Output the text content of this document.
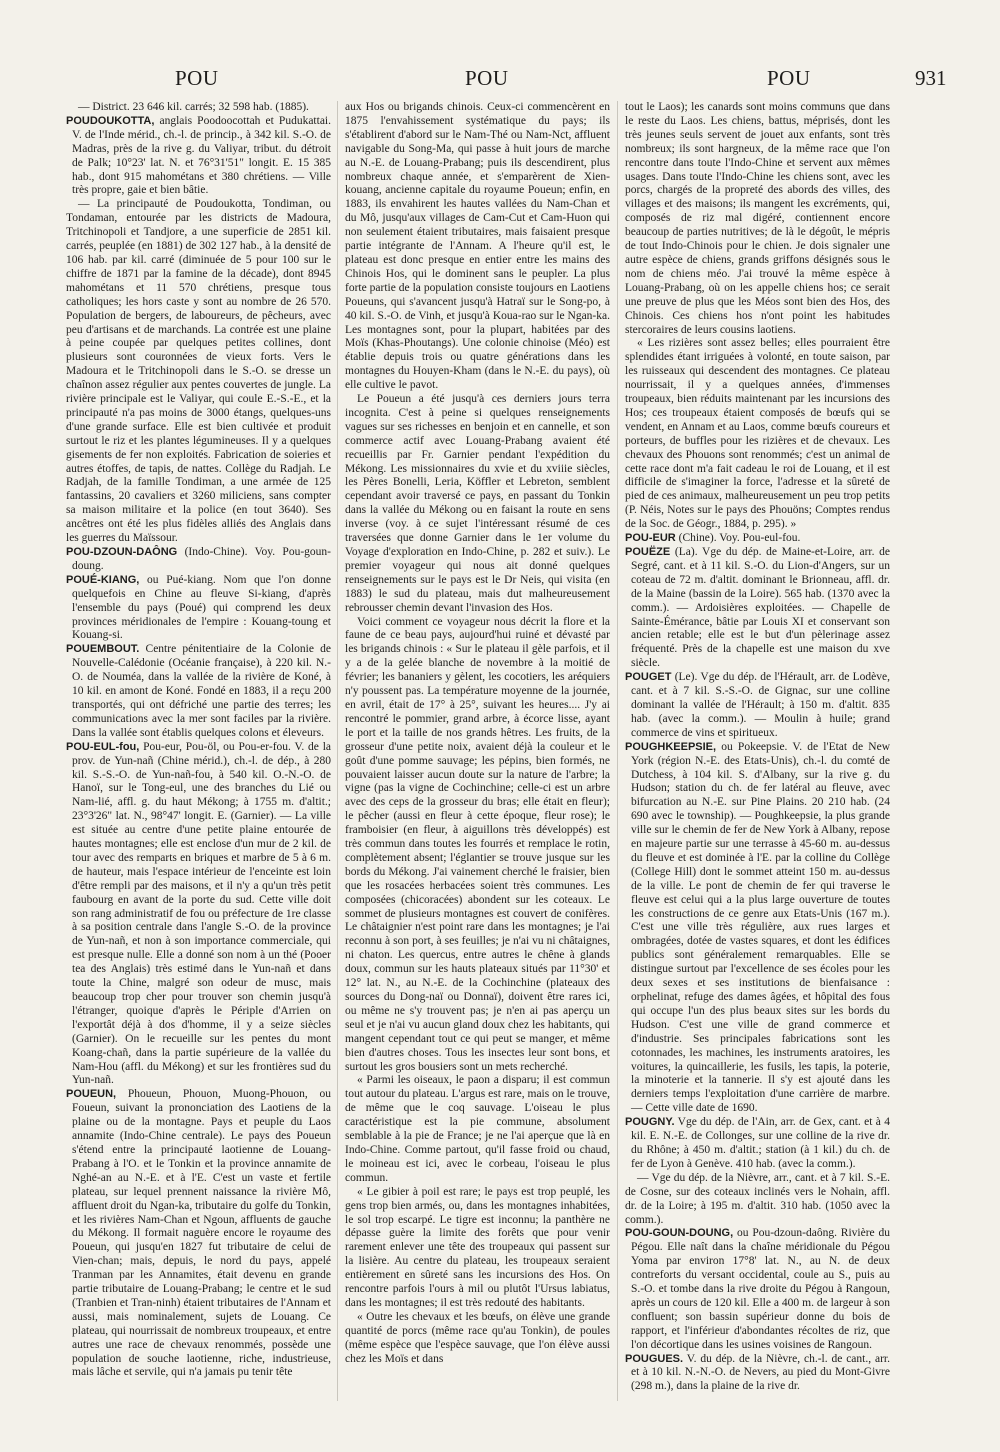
POU	POU	POU	931

— District. 23 646 kil. carrés; 32 598 hab. (1885).

POUDOUKOTTA, anglais Poodoocottah et Pudukattai. V. de l'Inde mérid., ch.-l. de princip., à 342 kil. S.-O. de Madras, près de la rive g. du Valiyar, tribut. du détroit de Palk; 10°23' lat. N. et 76°31'51" longit. E. 15 385 hab., dont 915 mahométans et 380 chrétiens. — Ville très propre, gaie et bien bâtie.

— La principauté de Poudoukotta, Tondiman, ou Tondaman, entourée par les districts de Madoura, Tritchinopoli et Tandjore, a une superficie de 2851 kil. carrés, peuplée (en 1881) de 302 127 hab., à la densité de 106 hab. par kil. carré (diminuée de 5 pour 100 sur le chiffre de 1871 par la famine de la décade), dont 8945 mahométans et 11 570 chrétiens, presque tous catholiques; les hors caste y sont au nombre de 26 570. Population de bergers, de laboureurs, de pêcheurs, avec peu d'artisans et de marchands. La contrée est une plaine à peine coupée par quelques petites collines, dont plusieurs sont couronnées de vieux forts. Vers le Madoura et le Tritchinopoli dans le S.-O. se dresse un chaînon assez régulier aux pentes couvertes de jungle. La rivière principale est le Valiyar, qui coule E.-S.-E., et la principauté n'a pas moins de 3000 étangs, quelques-uns d'une grande surface. Elle est bien cultivée et produit surtout le riz et les plantes légumineuses. Il y a quelques gisements de fer non exploités. Fabrication de soieries et autres étoffes, de tapis, de nattes. Collège du Radjah. Le Radjah, de la famille Tondiman, a une armée de 125 fantassins, 20 cavaliers et 3260 miliciens, sans compter sa maison militaire et la police (en tout 3640). Ses ancêtres ont été les plus fidèles alliés des Anglais dans les guerres du Maïssour.

POU-DZOUN-DAÔNG (Indo-Chine). Voy. Pou-goun-doung.

POUÉ-KIANG, ou Pué-kiang. Nom que l'on donne quelquefois en Chine au fleuve Si-kiang, d'après l'ensemble du pays (Poué) qui comprend les deux provinces méridionales de l'empire : Kouang-toung et Kouang-si.

POUEMBOUT. Centre pénitentiaire de la Colonie de Nouvelle-Calédonie (Océanie française), à 220 kil. N.-O. de Nouméa, dans la vallée de la rivière de Koné, à 10 kil. en amont de Koné. Fondé en 1883, il a reçu 200 transportés, qui ont défriché une partie des terres; les communications avec la mer sont faciles par la rivière. Dans la vallée sont établis quelques colons et éleveurs.

POU-EUL-fou, Pou-eur, Pou-öl, ou Pou-er-fou. V. de la prov. de Yun-nañ (Chine mérid.), ch.-l. de dép., à 280 kil. S.-S.-O. de Yun-nañ-fou, à 540 kil. O.-N.-O. de Hanoï, sur le Tong-eul, une des branches du Lié ou Nam-lié, affl. g. du haut Mékong; à 1755 m. d'altit.; 23°3'26" lat. N., 98°47' longit. E. (Garnier). — La ville est située au centre d'une petite plaine entourée de hautes montagnes; elle est enclose d'un mur de 2 kil. de tour avec des remparts en briques et marbre de 5 à 6 m. de hauteur, mais l'espace intérieur de l'enceinte est loin d'être rempli par des maisons, et il n'y a qu'un très petit faubourg en avant de la porte du sud. Cette ville doit son rang administratif de fou ou préfecture de 1re classe à sa position centrale dans l'angle S.-O. de la province de Yun-nañ, et non à son importance commerciale, qui est presque nulle. Elle a donné son nom à un thé (Pooer tea des Anglais) très estimé dans le Yun-nañ et dans toute la Chine, malgré son odeur de musc, mais beaucoup trop cher pour trouver son chemin jusqu'à l'étranger, quoique d'après le Périple d'Arrien on l'exportât déjà à dos d'homme, il y a seize siècles (Garnier). On le recueille sur les pentes du mont Koang-chañ, dans la partie supérieure de la vallée du Nam-Hou (affl. du Mékong) et sur les frontières sud du Yun-nañ.

POUEUN, Phoueun, Phouon, Muong-Phouon, ou Foueun, suivant la prononciation des Laotiens de la plaine ou de la montagne. Pays et peuple du Laos annamite (Indo-Chine centrale). Le pays des Poueun s'étend entre la principauté laotienne de Louang-Prabang à l'O. et le Tonkin et la province annamite de Nghé-an au N.-E. et à l'E. C'est un vaste et fertile plateau, sur lequel prennent naissance la rivière Mô, affluent droit du Ngan-ka, tributaire du golfe du Tonkin, et les rivières Nam-Chan et Ngoun, affluents de gauche du Mékong. Il formait naguère encore le royaume des Poueun, qui jusqu'en 1827 fut tributaire de celui de Vien-chan; mais, depuis, le nord du pays, appelé Tranman par les Annamites, était devenu en grande partie tributaire de Louang-Prabang; le centre et le sud (Tranbien et Tran-ninh) étaient tributaires de l'Annam et aussi, mais nominalement, sujets de Louang. Ce plateau, qui nourrissait de nombreux troupeaux, et entre autres une race de chevaux renommés, possède une population de souche laotienne, riche, industrieuse, mais lâche et servile, qui n'a jamais pu tenir tête

aux Hos ou brigands chinois. Ceux-ci commencèrent en 1875 l'envahissement systématique du pays; ils s'établirent d'abord sur le Nam-Thé ou Nam-Nct, affluent navigable du Song-Ma, qui passe à huit jours de marche au N.-E. de Louang-Prabang; puis ils descendirent, plus nombreux chaque année, et s'emparèrent de Xien-kouang, ancienne capitale du royaume Poueun; enfin, en 1883, ils envahirent les hautes vallées du Nam-Chan et du Mô, jusqu'aux villages de Cam-Cut et Cam-Huon qui non seulement étaient tributaires, mais faisaient presque partie intégrante de l'Annam. A l'heure qu'il est, le plateau est donc presque en entier entre les mains des Chinois Hos, qui le dominent sans le peupler. La plus forte partie de la population consiste toujours en Laotiens Poueuns, qui s'avancent jusqu'à Hatraï sur le Song-po, à 40 kil. S.-O. de Vinh, et jusqu'à Koua-rao sur le Ngan-ka. Les montagnes sont, pour la plupart, habitées par des Moïs (Khas-Phoutangs). Une colonie chinoise (Méo) est établie depuis trois ou quatre générations dans les montagnes du Houyen-Kham (dans le N.-E. du pays), où elle cultive le pavot.

Le Poueun a été jusqu'à ces derniers jours terra incognita. C'est à peine si quelques renseignements vagues sur ses richesses en benjoin et en cannelle, et son commerce actif avec Louang-Prabang avaient été recueillis par Fr. Garnier pendant l'expédition du Mékong. Les missionnaires du xvie et du xviiie siècles, les Pères Bonelli, Leria, Köffler et Lebreton, semblent cependant avoir traversé ce pays, en passant du Tonkin dans la vallée du Mékong ou en faisant la route en sens inverse (voy. à ce sujet l'intéressant résumé de ces traversées que donne Garnier dans le 1er volume du Voyage d'exploration en Indo-Chine, p. 282 et suiv.). Le premier voyageur qui nous ait donné quelques renseignements sur le pays est le Dr Neis, qui visita (en 1883) le sud du plateau, mais dut malheureusement rebrousser chemin devant l'invasion des Hos.

Voici comment ce voyageur nous décrit la flore et la faune de ce beau pays, aujourd'hui ruiné et dévasté par les brigands chinois : « Sur le plateau il gèle parfois, et il y a de la gelée blanche de novembre à la moitié de février; les bananiers y gèlent, les cocotiers, les aréquiers n'y poussent pas. La température moyenne de la journée, en avril, était de 17° à 25°, suivant les heures.... J'y ai rencontré le pommier, grand arbre, à écorce lisse, ayant le port et la taille de nos grands hêtres. Les fruits, de la grosseur d'une petite noix, avaient déjà la couleur et le goût d'une pomme sauvage; les pépins, bien formés, ne pouvaient laisser aucun doute sur la nature de l'arbre; la vigne (pas la vigne de Cochinchine; celle-ci est un arbre avec des ceps de la grosseur du bras; elle était en fleur); le pêcher (aussi en fleur à cette époque, fleur rose); le framboisier (en fleur, à aiguillons très développés) est très commun dans toutes les fourrés et remplace le rotin, complètement absent; l'églantier se trouve jusque sur les bords du Mékong. J'ai vainement cherché le fraisier, bien que les rosacées herbacées soient très communes. Les composées (chicoracées) abondent sur les coteaux. Le sommet de plusieurs montagnes est couvert de conifères. Le châtaignier n'est point rare dans les montagnes; je l'ai reconnu à son port, à ses feuilles; je n'ai vu ni châtaignes, ni chaton. Les quercus, entre autres le chêne à glands doux, commun sur les hauts plateaux situés par 11°30' et 12° lat. N., au N.-E. de la Cochinchine (plateaux des sources du Dong-naï ou Donnaï), doivent être rares ici, ou même ne s'y trouvent pas; je n'en ai pas aperçu un seul et je n'ai vu aucun gland doux chez les habitants, qui mangent cependant tout ce qui peut se manger, et même bien d'autres choses. Tous les insectes leur sont bons, et surtout les gros bousiers sont un mets recherché.

« Parmi les oiseaux, le paon a disparu; il est commun tout autour du plateau. L'argus est rare, mais on le trouve, de même que le coq sauvage. L'oiseau le plus caractéristique est la pie commune, absolument semblable à la pie de France; je ne l'ai aperçue que là en Indo-Chine. Comme partout, qu'il fasse froid ou chaud, le moineau est ici, avec le corbeau, l'oiseau le plus commun.

« Le gibier à poil est rare; le pays est trop peuplé, les gens trop bien armés, ou, dans les montagnes inhabitées, le sol trop escarpé. Le tigre est inconnu; la panthère ne dépasse guère la limite des forêts que pour venir rarement enlever une tête des troupeaux qui passent sur la lisière. Au centre du plateau, les troupeaux seraient entièrement en sûreté sans les incursions des Hos. On rencontre parfois l'ours à mil ou plutôt l'Ursus labiatus, dans les montagnes; il est très redouté des habitants.

« Outre les chevaux et les bœufs, on élève une grande quantité de porcs (même race qu'au Tonkin), de poules (même espèce que l'espèce sauvage, que l'on élève aussi chez les Moïs et dans

tout le Laos); les canards sont moins communs que dans le reste du Laos. Les chiens, battus, méprisés, dont les très jeunes seuls servent de jouet aux enfants, sont très nombreux; ils sont hargneux, de la même race que l'on rencontre dans toute l'Indo-Chine et servent aux mêmes usages. Dans toute l'Indo-Chine les chiens sont, avec les porcs, chargés de la propreté des abords des villes, des villages et des maisons; ils mangent les excréments, qui, composés de riz mal digéré, contiennent encore beaucoup de parties nutritives; de là le dégoût, le mépris de tout Indo-Chinois pour le chien. Je dois signaler une autre espèce de chiens, grands griffons désignés sous le nom de chiens méo. J'ai trouvé la même espèce à Louang-Prabang, où on les appelle chiens hos; ce serait une preuve de plus que les Méos sont bien des Hos, des Chinois. Ces chiens hos n'ont point les habitudes stercoraires de leurs cousins laotiens.

« Les rizières sont assez belles; elles pourraient être splendides étant irriguées à volonté, en toute saison, par les ruisseaux qui descendent des montagnes. Ce plateau nourrissait, il y a quelques années, d'immenses troupeaux, bien réduits maintenant par les incursions des Hos; ces troupeaux étaient composés de bœufs qui se vendent, en Annam et au Laos, comme bœufs coureurs et porteurs, de buffles pour les rizières et de chevaux. Les chevaux des Phouons sont renommés; c'est un animal de cette race dont m'a fait cadeau le roi de Louang, et il est difficile de s'imaginer la force, l'adresse et la sûreté de pied de ces animaux, malheureusement un peu trop petits (P. Néis, Notes sur le pays des Phouöns; Comptes rendus de la Soc. de Géogr., 1884, p. 295). »

POU-EUR (Chine). Voy. Pou-eul-fou.

POUËZE (La). Vge du dép. de Maine-et-Loire, arr. de Segré, cant. et à 11 kil. S.-O. du Lion-d'Angers, sur un coteau de 72 m. d'altit. dominant le Brionneau, affl. dr. de la Maine (bassin de la Loire). 565 hab. (1370 avec la comm.). — Ardoisières exploitées. — Chapelle de Sainte-Émérance, bâtie par Louis XI et conservant son ancien retable; elle est le but d'un pèlerinage assez fréquenté. Près de la chapelle est une maison du xve siècle.

POUGET (Le). Vge du dép. de l'Hérault, arr. de Lodève, cant. et à 7 kil. S.-S.-O. de Gignac, sur une colline dominant la vallée de l'Hérault; à 150 m. d'altit. 835 hab. (avec la comm.). — Moulin à huile; grand commerce de vins et spiritueux.

POUGHKEEPSIE, ou Pokeepsie. V. de l'Etat de New York (région N.-E. des Etats-Unis), ch.-l. du comté de Dutchess, à 104 kil. S. d'Albany, sur la rive g. du Hudson; station du ch. de fer latéral au fleuve, avec bifurcation au N.-E. sur Pine Plains. 20 210 hab. (24 690 avec le township). — Poughkeepsie, la plus grande ville sur le chemin de fer de New York à Albany, repose en majeure partie sur une terrasse à 45-60 m. au-dessus du fleuve et est dominée à l'E. par la colline du Collège (College Hill) dont le sommet atteint 150 m. au-dessus de la ville. Le pont de chemin de fer qui traverse le fleuve est celui qui a la plus large ouverture de toutes les constructions de ce genre aux Etats-Unis (167 m.). C'est une ville très régulière, aux rues larges et ombragées, dotée de vastes squares, et dont les édifices publics sont généralement remarquables. Elle se distingue surtout par l'excellence de ses écoles pour les deux sexes et ses institutions de bienfaisance : orphelinat, refuge des dames âgées, et hôpital des fous qui occupe l'un des plus beaux sites sur les bords du Hudson. C'est une ville de grand commerce et d'industrie. Ses principales fabrications sont les cotonnades, les machines, les instruments aratoires, les voitures, la quincaillerie, les fusils, les tapis, la poterie, la minoterie et la tannerie. Il s'y est ajouté dans les derniers temps l'exploitation d'une carrière de marbre. — Cette ville date de 1690.

POUGNY. Vge du dép. de l'Ain, arr. de Gex, cant. et à 4 kil. E. N.-E. de Collonges, sur une colline de la rive dr. du Rhône; à 450 m. d'altit.; station (à 1 kil.) du ch. de fer de Lyon à Genève. 410 hab. (avec la comm.).

— Vge du dép. de la Nièvre, arr., cant. et à 7 kil. S.-E. de Cosne, sur des coteaux inclinés vers le Nohain, affl. dr. de la Loire; à 195 m. d'altit. 310 hab. (1050 avec la comm.).

POU-GOUN-DOUNG, ou Pou-dzoun-daông. Rivière du Pégou. Elle naît dans la chaîne méridionale du Pégou Yoma par environ 17°8' lat. N., au N. de deux contreforts du versant occidental, coule au S., puis au S.-O. et tombe dans la rive droite du Pégou à Rangoun, après un cours de 120 kil. Elle a 400 m. de largeur à son confluent; son bassin supérieur donne du bois de rapport, et l'inférieur d'abondantes récoltes de riz, que l'on décortique dans les usines voisines de Rangoun.

POUGUES. V. du dép. de la Nièvre, ch.-l. de cant., arr. et à 10 kil. N.-N.-O. de Nevers, au pied du Mont-Givre (298 m.), dans la plaine de la rive dr.
